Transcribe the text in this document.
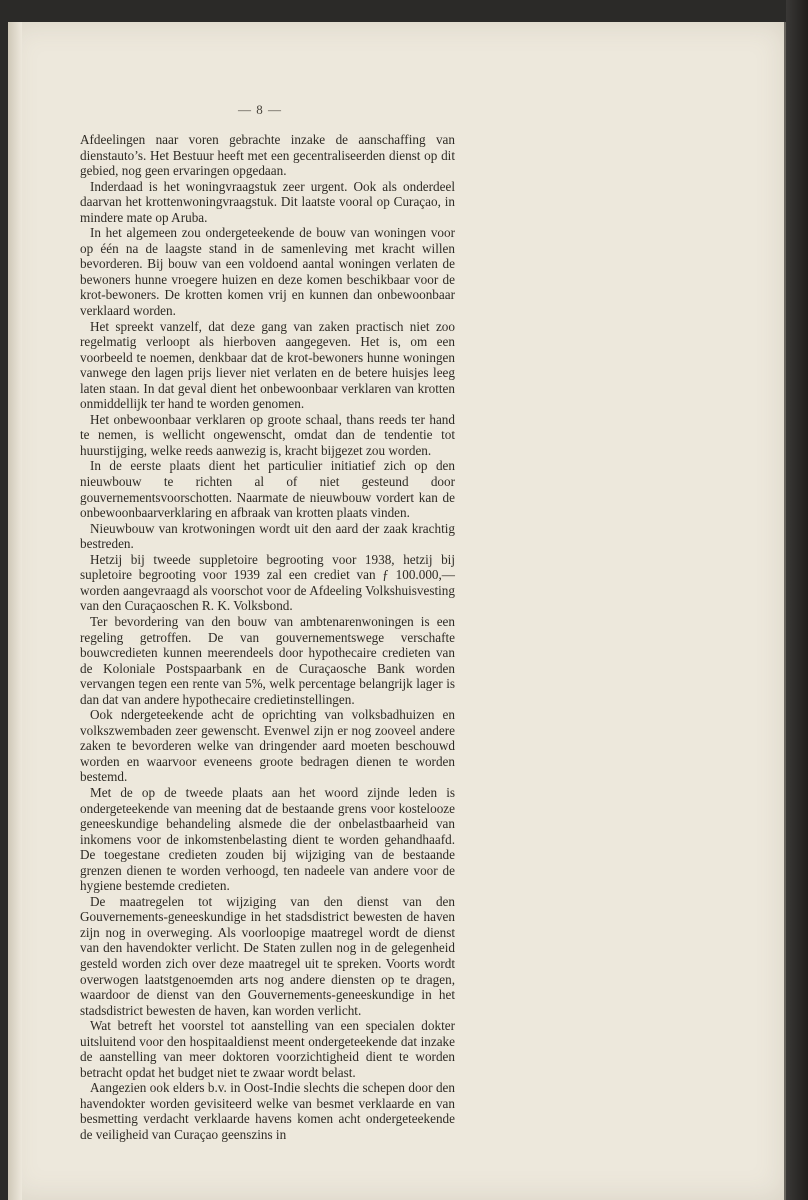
— 8 —

Afdeelingen naar voren gebrachte inzake de aanschaffing van dienstauto’s. Het Bestuur heeft met een gecentraliseerden dienst op dit gebied, nog geen ervaringen opgedaan.

Inderdaad is het woningvraagstuk zeer urgent. Ook als onderdeel daarvan het krottenwoningvraagstuk. Dit laatste vooral op Curaçao, in mindere mate op Aruba.

In het algemeen zou ondergeteekende de bouw van woningen voor op één na de laagste stand in de samenleving met kracht willen bevorderen. Bij bouw van een voldoend aantal woningen verlaten de bewoners hunne vroegere huizen en deze komen beschikbaar voor de krot-bewoners. De krotten komen vrij en kunnen dan onbewoonbaar verklaard worden.

Het spreekt vanzelf, dat deze gang van zaken practisch niet zoo regelmatig verloopt als hierboven aangegeven. Het is, om een voorbeeld te noemen, denkbaar dat de krot-bewoners hunne woningen vanwege den lagen prijs liever niet verlaten en de betere huisjes leeg laten staan. In dat geval dient het onbewoonbaar verklaren van krotten onmiddellijk ter hand te worden genomen.

Het onbewoonbaar verklaren op groote schaal, thans reeds ter hand te nemen, is wellicht ongewenscht, omdat dan de tendentie tot huurstijging, welke reeds aanwezig is, kracht bijgezet zou worden.

In de eerste plaats dient het particulier initiatief zich op den nieuwbouw te richten al of niet gesteund door gouvernementsvoorschotten. Naarmate de nieuwbouw vordert kan de onbewoonbaarverklaring en afbraak van krotten plaats vinden.

Nieuwbouw van krotwoningen wordt uit den aard der zaak krachtig bestreden.

Hetzij bij tweede suppletoire begrooting voor 1938, hetzij bij supletoire begrooting voor 1939 zal een crediet van ƒ 100.000,— worden aangevraagd als voorschot voor de Afdeeling Volkshuisvesting van den Curaçaoschen R. K. Volksbond.

Ter bevordering van den bouw van ambtenarenwoningen is een regeling getroffen. De van gouvernementswege verschafte bouwcredieten kunnen meerendeels door hypothecaire credieten van de Koloniale Postspaarbank en de Curaçaosche Bank worden vervangen tegen een rente van 5%, welk percentage belangrijk lager is dan dat van andere hypothecaire credietinstellingen.

Ook ndergeteekende acht de oprichting van volksbadhuizen en volkszwembaden zeer gewenscht. Evenwel zijn er nog zooveel andere zaken te bevorderen welke van dringender aard moeten beschouwd worden en waarvoor eveneens groote bedragen dienen te worden bestemd.

Met de op de tweede plaats aan het woord zijnde leden is ondergeteekende van meening dat de bestaande grens voor kostelooze geneeskundige behandeling alsmede die der onbelastbaarheid van inkomens voor de inkomstenbelasting dient te worden gehandhaafd. De toegestane credieten zouden bij wijziging van de bestaande grenzen dienen te worden verhoogd, ten nadeele van andere voor de hygiene bestemde credieten.

De maatregelen tot wijziging van den dienst van den Gouvernements-geneeskundige in het stadsdistrict bewesten de haven zijn nog in overweging. Als voorloopige maatregel wordt de dienst van den havendokter verlicht. De Staten zullen nog in de gelegenheid gesteld worden zich over deze maatregel uit te spreken. Voorts wordt overwogen laatstgenoemden arts nog andere diensten op te dragen, waardoor de dienst van den Gouvernements-geneeskundige in het stadsdistrict bewesten de haven, kan worden verlicht.

Wat betreft het voorstel tot aanstelling van een specialen dokter uitsluitend voor den hospitaaldienst meent ondergeteekende dat inzake de aanstelling van meer doktoren voorzichtigheid dient te worden betracht opdat het budget niet te zwaar wordt belast.

Aangezien ook elders b.v. in Oost-Indie slechts die schepen door den havendokter worden gevisiteerd welke van besmet verklaarde en van besmetting verdacht verklaarde havens komen acht ondergeteekende de veiligheid van Curaçao geenszins in
